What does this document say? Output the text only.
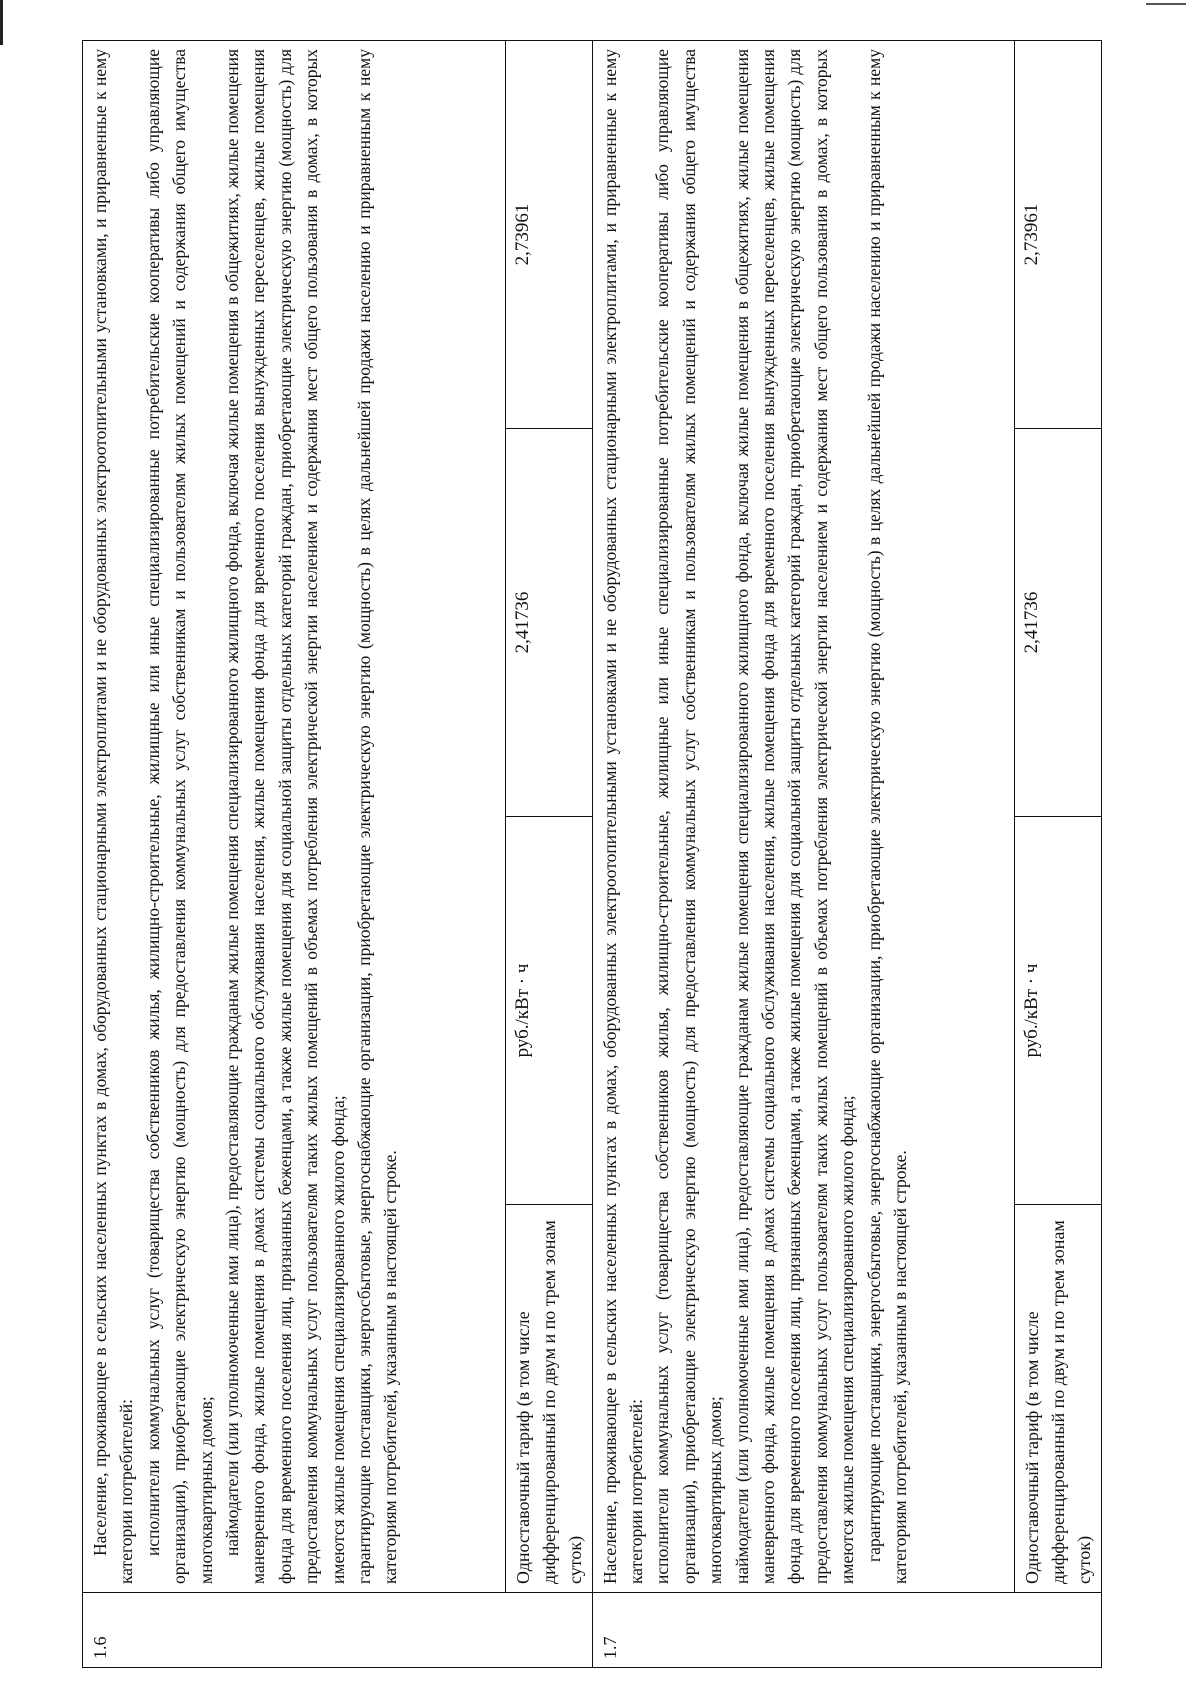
1.6	Население, проживающее в сельских населенных пунктах в домах, оборудованных стационарными электроплитами и не оборудованных электроотопительными установками, и приравненные к нему категории потребителей: исполнители коммунальных услуг (товарищества собственников жилья, жилищно-строительные, жилищные или иные специализированные потребительские кооперативы либо управляющие организации), приобретающие электрическую энергию (мощность) для предоставления коммунальных услуг собственникам и пользователям жилых помещений и содержания общего имущества многоквартирных домов; наймодатели (или уполномоченные ими лица), предоставляющие гражданам жилые помещения специализированного жилищного фонда, включая жилые помещения в общежитиях, жилые помещения маневренного фонда, жилые помещения в домах системы социального обслуживания населения, жилые помещения фонда для временного поселения вынужденных переселенцев, жилые помещения фонда для временного поселения лиц, признанных беженцами, а также жилые помещения для социальной защиты отдельных категорий граждан, приобретающие электрическую энергию (мощность) для предоставления коммунальных услуг пользователям таких жилых помещений в объемах потребления электрической энергии населением и содержания мест общего пользования в домах, в которых имеются жилые помещения специализированного жилого фонда; гарантирующие поставщики, энергосбытовые, энергоснабжающие организации, приобретающие электрическую энергию (мощность) в целях дальнейшей продажи населению и приравненным к нему категориям потребителей, указанным в настоящей строке.			

	Одноставочный тариф (в том числе дифференцированный по двум и по трем зонам суток)	руб./кВт · ч	2,41736	2,73961
1.7	Население, проживающее в сельских населенных пунктах в домах, оборудованных электроотопительными установками и не оборудованных стационарными электроплитами, и приравненные к нему категории потребителей: исполнители коммунальных услуг (товарищества собственников жилья, жилищно-строительные, жилищные или иные специализированные потребительские кооперативы либо управляющие организации), приобретающие электрическую энергию (мощность) для предоставления коммунальных услуг собственникам и пользователям жилых помещений и содержания общего имущества многоквартирных домов; наймодатели (или уполномоченные ими лица), предоставляющие гражданам жилые помещения специализированного жилищного фонда, включая жилые помещения в общежитиях, жилые помещения маневренного фонда, жилые помещения в домах системы социального обслуживания населения, жилые помещения фонда для временного поселения вынужденных переселенцев, жилые помещения фонда для временного поселения лиц, признанных беженцами, а также жилые помещения для социальной защиты отдельных категорий граждан, приобретающие электрическую энергию (мощность) для предоставления коммунальных услуг пользователям таких жилых помещений в объемах потребления электрической энергии населением и содержания мест общего пользования в домах, в которых имеются жилые помещения специализированного жилого фонда; гарантирующие поставщики, энергосбытовые, энергоснабжающие организации, приобретающие электрическую энергию (мощность) в целях дальнейшей продажи населению и приравненным к нему категориям потребителей, указанным в настоящей строке.			

	Одноставочный тариф (в том числе дифференцированный по двум и по трем зонам суток)	руб./кВт · ч	2,41736	2,73961
